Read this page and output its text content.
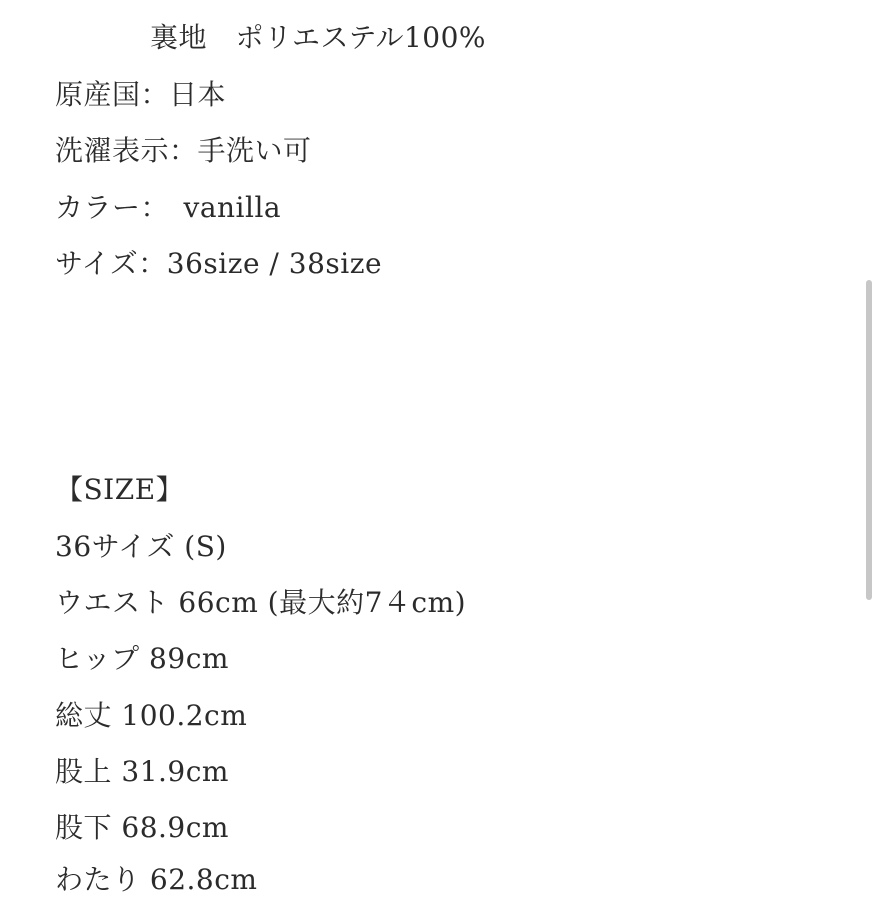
裏地　ポリエステル100%
原産国：日本
洗濯表示：手洗い可
カラー：　vanilla
サイズ：36size / 38size
【SIZE】
36サイズ (S)
ウエスト 66cm (最大約7４cm)
ヒップ 89cm
総丈 100.2cm
股上 31.9cm
股下 68.9cm
わたり 62.8cm
